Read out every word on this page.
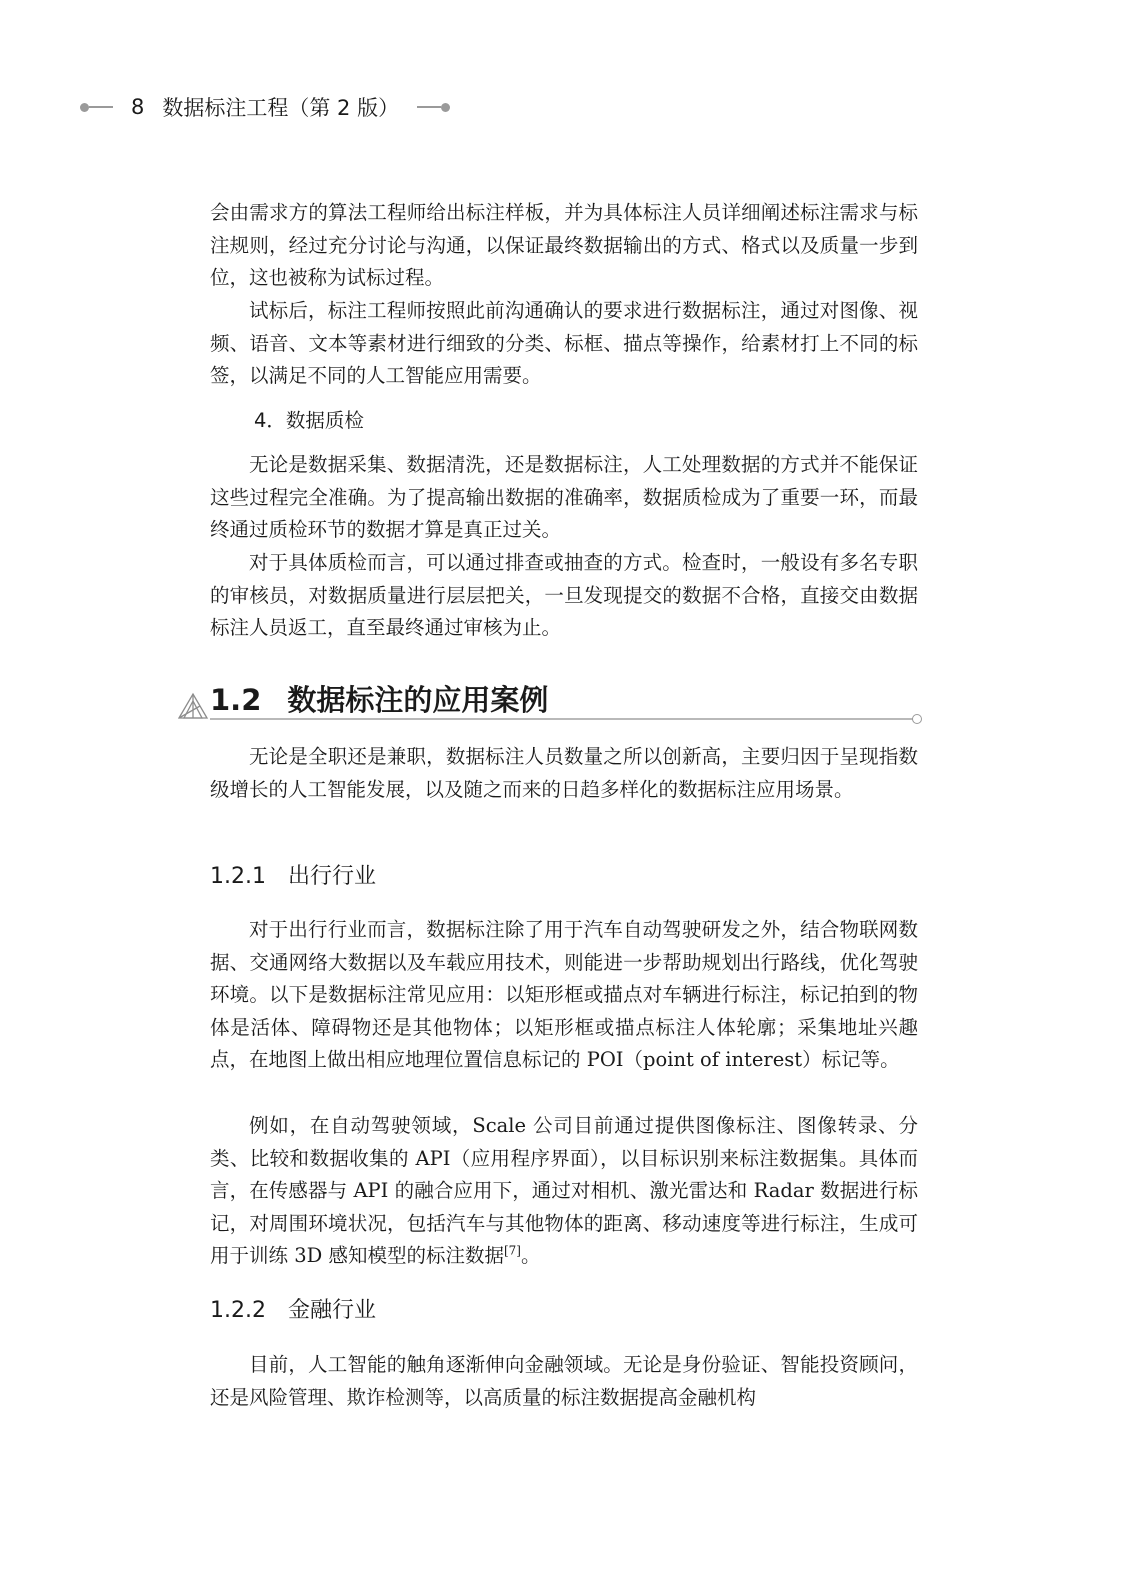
8 数据标注工程（第 2 版）

会由需求方的算法工程师给出标注样板，并为具体标注人员详细阐述标注需求与标注规则，经过充分讨论与沟通，以保证最终数据输出的方式、格式以及质量一步到位，这也被称为试标过程。

试标后，标注工程师按照此前沟通确认的要求进行数据标注，通过对图像、视频、语音、文本等素材进行细致的分类、标框、描点等操作，给素材打上不同的标签，以满足不同的人工智能应用需要。

4．数据质检

无论是数据采集、数据清洗，还是数据标注，人工处理数据的方式并不能保证这些过程完全准确。为了提高输出数据的准确率，数据质检成为了重要一环，而最终通过质检环节的数据才算是真正过关。

对于具体质检而言，可以通过排查或抽查的方式。检查时，一般设有多名专职的审核员，对数据质量进行层层把关，一旦发现提交的数据不合格，直接交由数据标注人员返工，直至最终通过审核为止。

1.2 数据标注的应用案例

无论是全职还是兼职，数据标注人员数量之所以创新高，主要归因于呈现指数级增长的人工智能发展，以及随之而来的日趋多样化的数据标注应用场景。

1.2.1 出行行业

对于出行行业而言，数据标注除了用于汽车自动驾驶研发之外，结合物联网数据、交通网络大数据以及车载应用技术，则能进一步帮助规划出行路线，优化驾驶环境。以下是数据标注常见应用：以矩形框或描点对车辆进行标注，标记拍到的物体是活体、障碍物还是其他物体；以矩形框或描点标注人体轮廓；采集地址兴趣点，在地图上做出相应地理位置信息标记的 POI（point of interest）标记等。

例如，在自动驾驶领域，Scale 公司目前通过提供图像标注、图像转录、分类、比较和数据收集的 API（应用程序界面），以目标识别来标注数据集。具体而言，在传感器与 API 的融合应用下，通过对相机、激光雷达和 Radar 数据进行标记，对周围环境状况，包括汽车与其他物体的距离、移动速度等进行标注，生成可用于训练 3D 感知模型的标注数据[7]。

1.2.2 金融行业

目前，人工智能的触角逐渐伸向金融领域。无论是身份验证、智能投资顾问，还是风险管理、欺诈检测等，以高质量的标注数据提高金融机构
